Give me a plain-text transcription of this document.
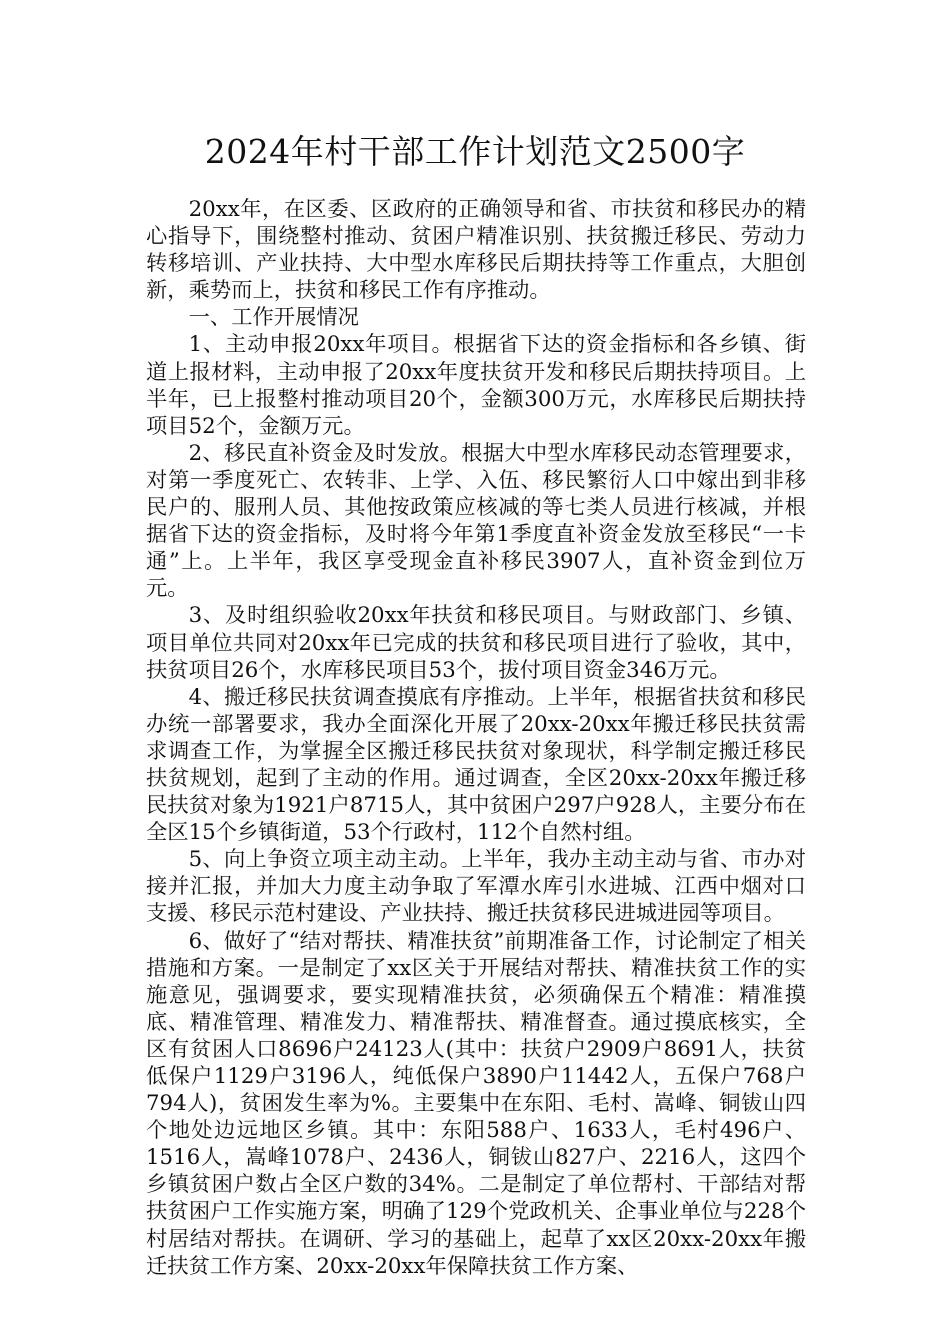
2024年村干部工作计划范文2500字

20xx年，在区委、区政府的正确领导和省、市扶贫和移民办的精心指导下，围绕整村推动、贫困户精准识别、扶贫搬迁移民、劳动力转移培训、产业扶持、大中型水库移民后期扶持等工作重点，大胆创新，乘势而上，扶贫和移民工作有序推动。

一、工作开展情况

1、主动申报20xx年项目。根据省下达的资金指标和各乡镇、街道上报材料，主动申报了20xx年度扶贫开发和移民后期扶持项目。上半年，已上报整村推动项目20个，金额300万元，水库移民后期扶持项目52个，金额万元。

2、移民直补资金及时发放。根据大中型水库移民动态管理要求，对第一季度死亡、农转非、上学、入伍、移民繁衍人口中嫁出到非移民户的、服刑人员、其他按政策应核减的等七类人员进行核减，并根据省下达的资金指标，及时将今年第1季度直补资金发放至移民“一卡通”上。上半年，我区享受现金直补移民3907人，直补资金到位万元。

3、及时组织验收20xx年扶贫和移民项目。与财政部门、乡镇、项目单位共同对20xx年已完成的扶贫和移民项目进行了验收，其中，扶贫项目26个，水库移民项目53个，拔付项目资金346万元。

4、搬迁移民扶贫调查摸底有序推动。上半年，根据省扶贫和移民办统一部署要求，我办全面深化开展了20xx-20xx年搬迁移民扶贫需求调查工作，为掌握全区搬迁移民扶贫对象现状，科学制定搬迁移民扶贫规划，起到了主动的作用。通过调查，全区20xx-20xx年搬迁移民扶贫对象为1921户8715人，其中贫困户297户928人，主要分布在全区15个乡镇街道，53个行政村，112个自然村组。

5、向上争资立项主动主动。上半年，我办主动主动与省、市办对接并汇报，并加大力度主动争取了军潭水库引水进城、江西中烟对口支援、移民示范村建设、产业扶持、搬迁扶贫移民进城进园等项目。

6、做好了“结对帮扶、精准扶贫”前期准备工作，讨论制定了相关措施和方案。一是制定了xx区关于开展结对帮扶、精准扶贫工作的实施意见，强调要求，要实现精准扶贫，必须确保五个精准：精准摸底、精准管理、精准发力、精准帮扶、精准督查。通过摸底核实，全区有贫困人口8696户24123人(其中：扶贫户2909户8691人，扶贫低保户1129户3196人，纯低保户3890户11442人，五保户768户794人)，贫困发生率为%。主要集中在东阳、毛村、嵩峰、铜钹山四个地处边远地区乡镇。其中：东阳588户、1633人，毛村496户、1516人，嵩峰1078户、2436人，铜钹山827户、2216人，这四个乡镇贫困户数占全区户数的34%。二是制定了单位帮村、干部结对帮扶贫困户工作实施方案，明确了129个党政机关、企事业单位与228个村居结对帮扶。在调研、学习的基础上，起草了xx区20xx-20xx年搬迁扶贫工作方案、20xx-20xx年保障扶贫工作方案、
